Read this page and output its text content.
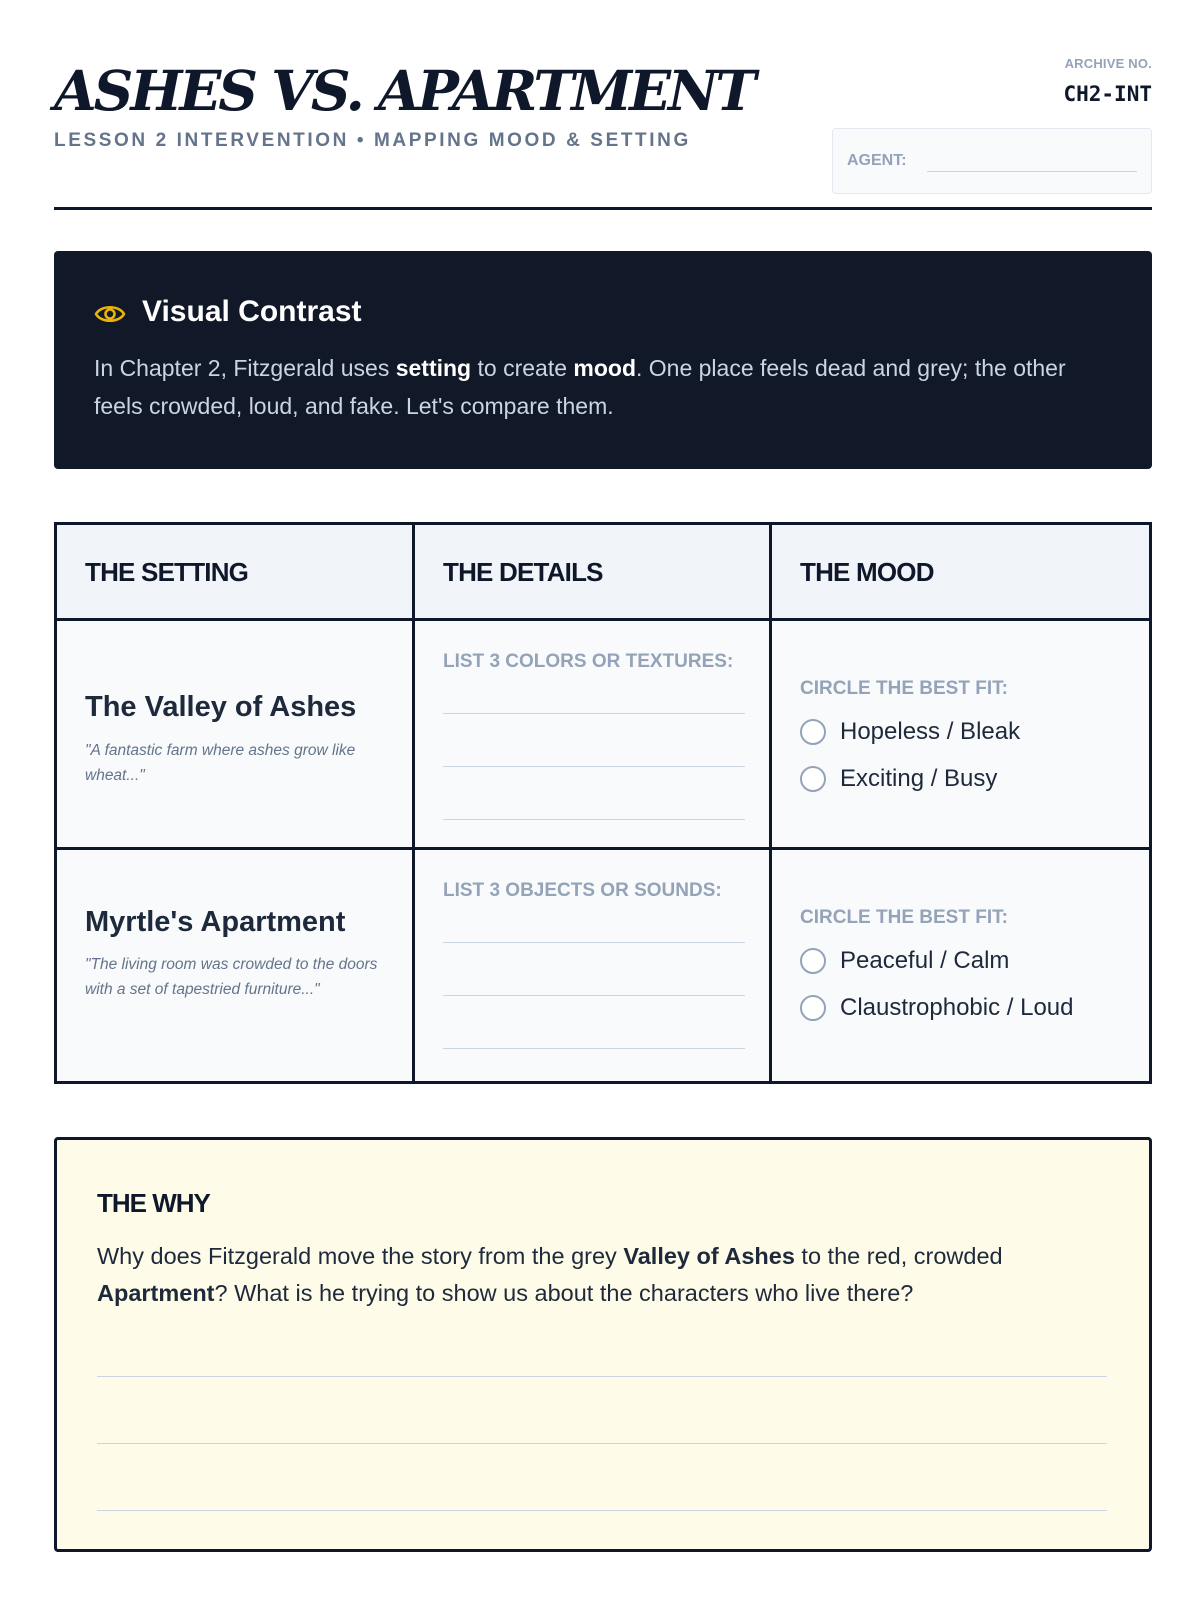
ASHES VS. APARTMENT
LESSON 2 INTERVENTION • MAPPING MOOD & SETTING
ARCHIVE NO.
CH2-INT
AGENT:
Visual Contrast

In Chapter 2, Fitzgerald uses setting to create mood. One place feels dead and grey; the other feels crowded, loud, and fake. Let's compare them.

THE SETTING	THE DETAILS	THE MOOD
The Valley of Ashes
"A fantastic farm where ashes grow like wheat..."
LIST 3 COLORS OR TEXTURES:
CIRCLE THE BEST FIT:
Hopeless / Bleak
Exciting / Busy
Myrtle's Apartment
"The living room was crowded to the doors with a set of tapestried furniture..."
LIST 3 OBJECTS OR SOUNDS:
CIRCLE THE BEST FIT:
Peaceful / Calm
Claustrophobic / Loud
THE WHY

Why does Fitzgerald move the story from the grey Valley of Ashes to the red, crowded Apartment? What is he trying to show us about the characters who live there?
